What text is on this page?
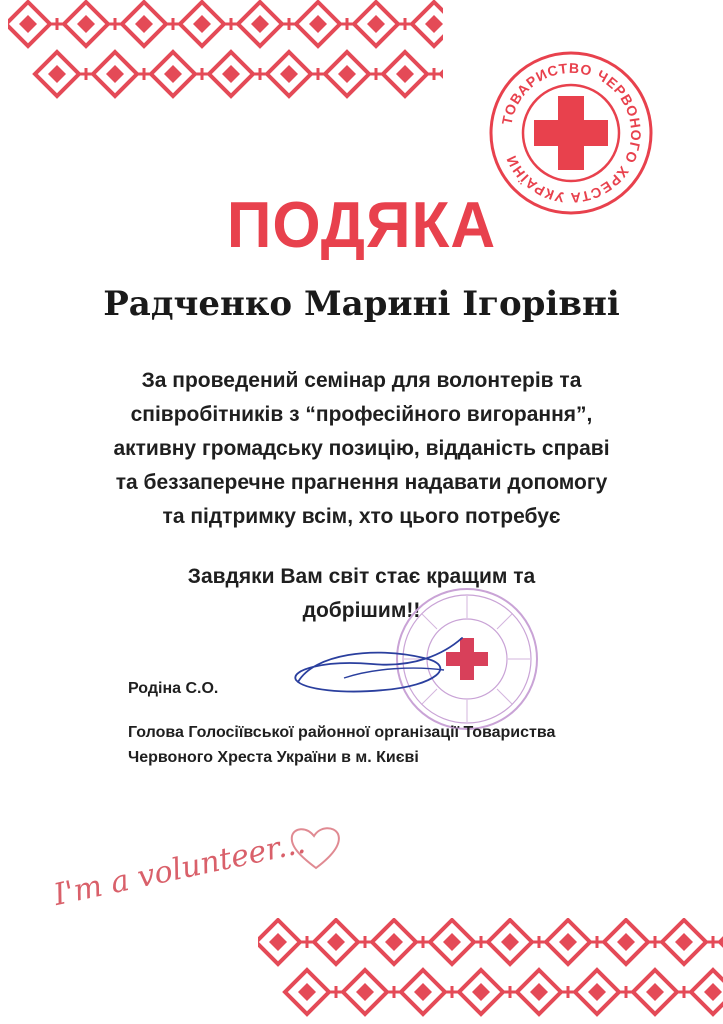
ТОВАРИСТВО ЧЕРВОНОГО ХРЕСТА УКРАЇНИ
ПОДЯКА
Радченко Марині Ігорівні
За проведений семінар для волонтерів та
співробітників з “професійного вигорання”,
активну громадську позицію, відданість справі
та беззаперечне прагнення надавати допомогу
та підтримку всім, хто цього потребує
Завдяки Вам світ стає кращим та
добрішим!!
Родіна С.О.
Голова Голосіївської районної організації Товариства
Червоного Хреста України в м. Києві
I'm a volunteer...
